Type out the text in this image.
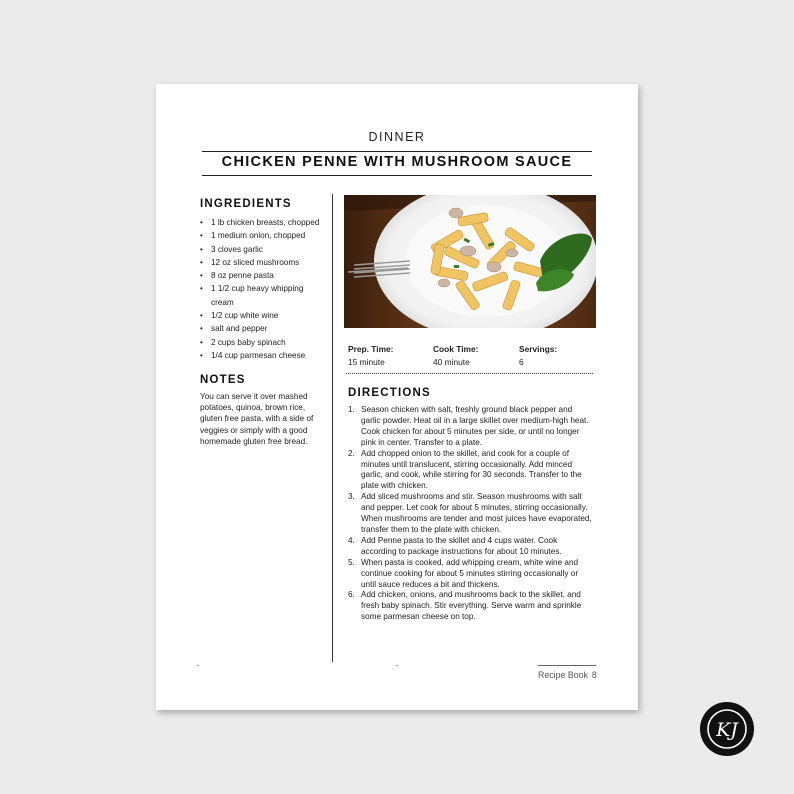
DINNER
CHICKEN PENNE WITH MUSHROOM SAUCE
INGREDIENTS
• 1 lb chicken breasts, chopped
• 1 medium onion, chopped
• 3 cloves garlic
• 12 oz sliced mushrooms
• 8 oz penne pasta
• 1 1/2 cup heavy whipping cream
• 1/2 cup white wine
• salt and pepper
• 2 cups baby spinach
• 1/4 cup parmesan cheese
NOTES

You can serve it over mashed potatoes, quinoa, brown rice, gluten free pasta, with a side of veggies or simply with a good homemade gluten free bread.

Prep. Time:
15 minute
Cook Time:
40 minute
Servings:
6
DIRECTIONS
1. Season chicken with salt, freshly ground black pepper and garlic powder. Heat oil in a large skillet over medium-high heat. Cook chicken for about 5 minutes per side, or until no longer pink in center. Transfer to a plate.
2. Add chopped onion to the skillet, and cook for a couple of minutes until translucent, stirring occasionally. Add minced garlic, and cook, while stirring for 30 seconds. Transfer to the plate with chicken.
3. Add sliced mushrooms and stir. Season mushrooms with salt and pepper. Let cook for about 5 minutes, stirring occasionally. When mushrooms are tender and most juices have evaporated, transfer them to the plate with chicken.
4. Add Penne pasta to the skillet and 4 cups water. Cook according to package instructions for about 10 minutes.
5. When pasta is cooked, add whipping cream, white wine and continue cooking for about 5 minutes stirring occasionally or until sauce reduces a bit and thickens.
6. Add chicken, onions, and mushrooms back to the skillet, and fresh baby spinach. Stir everything. Serve warm and sprinkle some parmesan cheese on top.
Recipe Book 8
KJ
